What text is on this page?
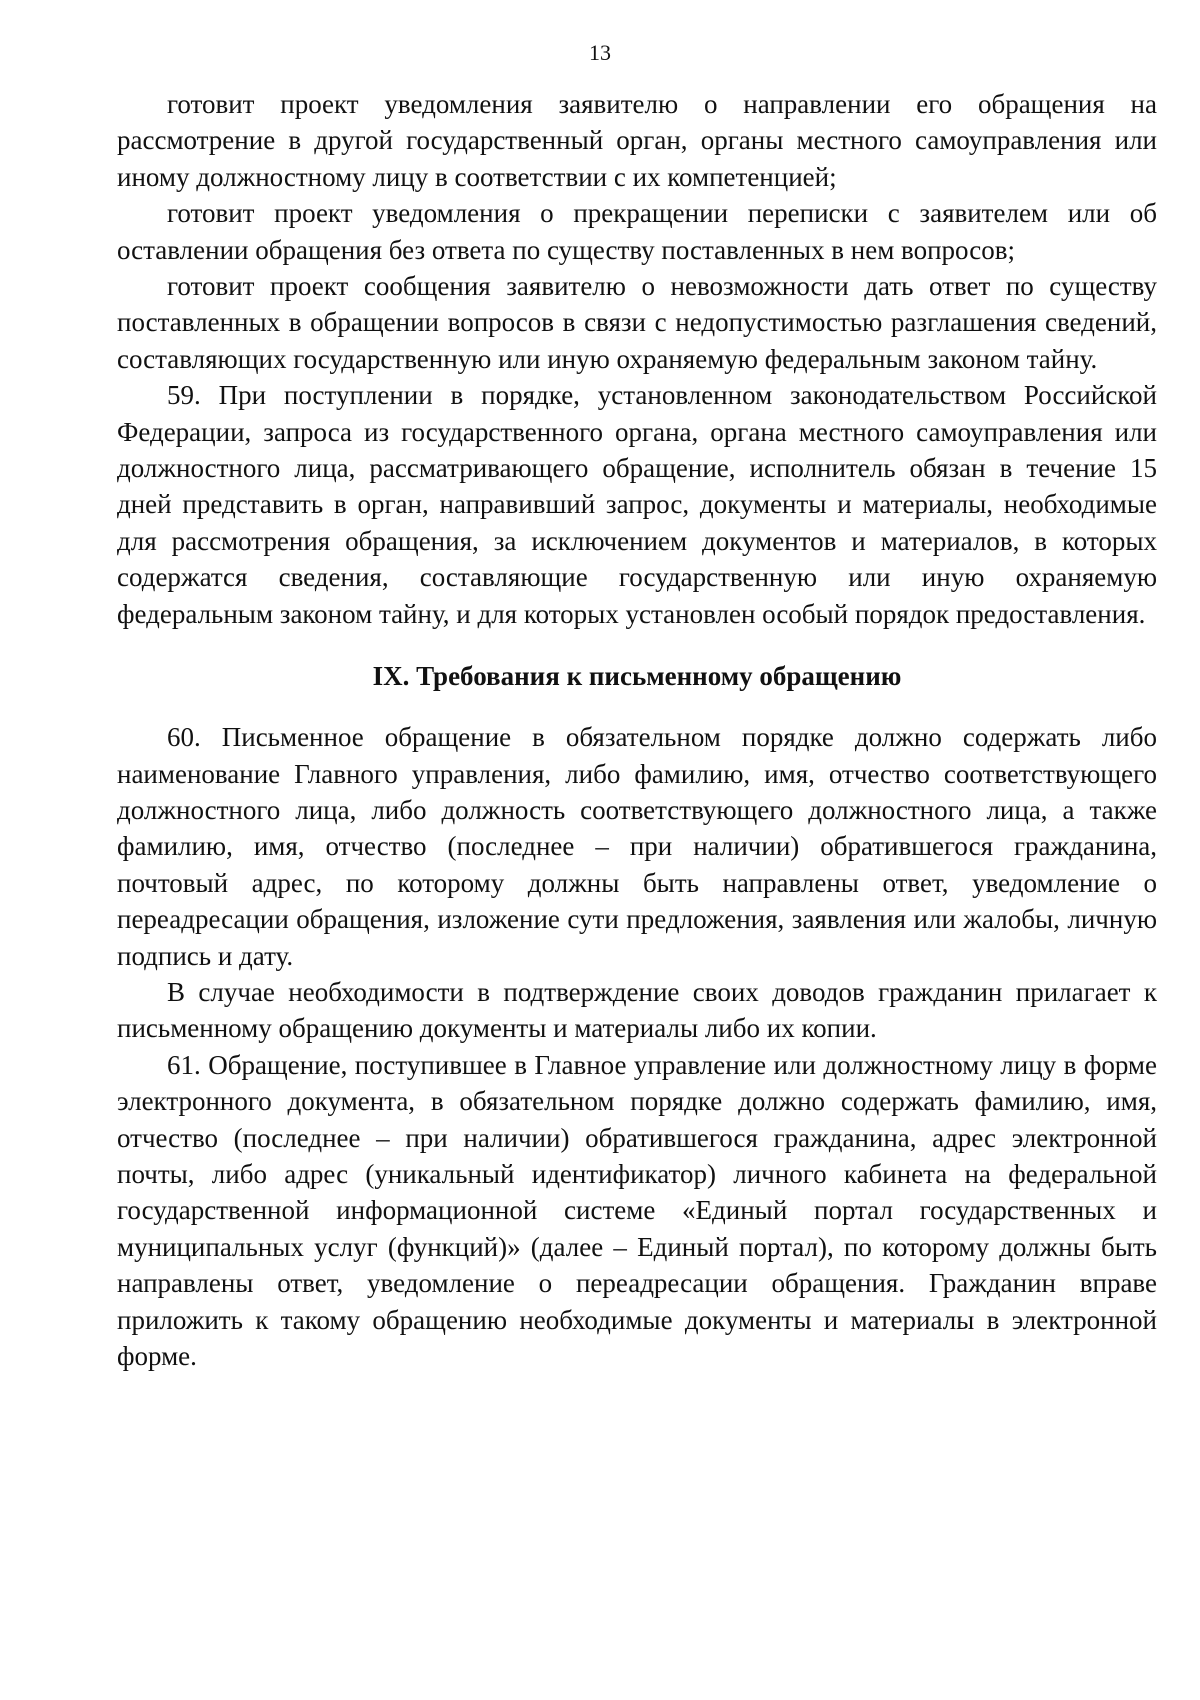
13

готовит проект уведомления заявителю о направлении его обращения на рассмотрение в другой государственный орган, органы местного самоуправления или иному должностному лицу в соответствии с их компетенцией;

готовит проект уведомления о прекращении переписки с заявителем или об оставлении обращения без ответа по существу поставленных в нем вопросов;

готовит проект сообщения заявителю о невозможности дать ответ по существу поставленных в обращении вопросов в связи с недопустимостью разглашения сведений, составляющих государственную или иную охраняемую федеральным законом тайну.

59. При поступлении в порядке, установленном законодательством Российской Федерации, запроса из государственного органа, органа местного самоуправления или должностного лица, рассматривающего обращение, исполнитель обязан в течение 15 дней представить в орган, направивший запрос, документы и материалы, необходимые для рассмотрения обращения, за исключением документов и материалов, в которых содержатся сведения, составляющие государственную или иную охраняемую федеральным законом тайну, и для которых установлен особый порядок предоставления.

IX. Требования к письменному обращению

60. Письменное обращение в обязательном порядке должно содержать либо наименование Главного управления, либо фамилию, имя, отчество соответствующего должностного лица, либо должность соответствующего должностного лица, а также фамилию, имя, отчество (последнее – при наличии) обратившегося гражданина, почтовый адрес, по которому должны быть направлены ответ, уведомление о переадресации обращения, изложение сути предложения, заявления или жалобы, личную подпись и дату.

В случае необходимости в подтверждение своих доводов гражданин прилагает к письменному обращению документы и материалы либо их копии.

61. Обращение, поступившее в Главное управление или должностному лицу в форме электронного документа, в обязательном порядке должно содержать фамилию, имя, отчество (последнее – при наличии) обратившегося гражданина, адрес электронной почты, либо адрес (уникальный идентификатор) личного кабинета на федеральной государственной информационной системе «Единый портал государственных и муниципальных услуг (функций)» (далее – Единый портал), по которому должны быть направлены ответ, уведомление о переадресации обращения. Гражданин вправе приложить к такому обращению необходимые документы и материалы в электронной форме.
